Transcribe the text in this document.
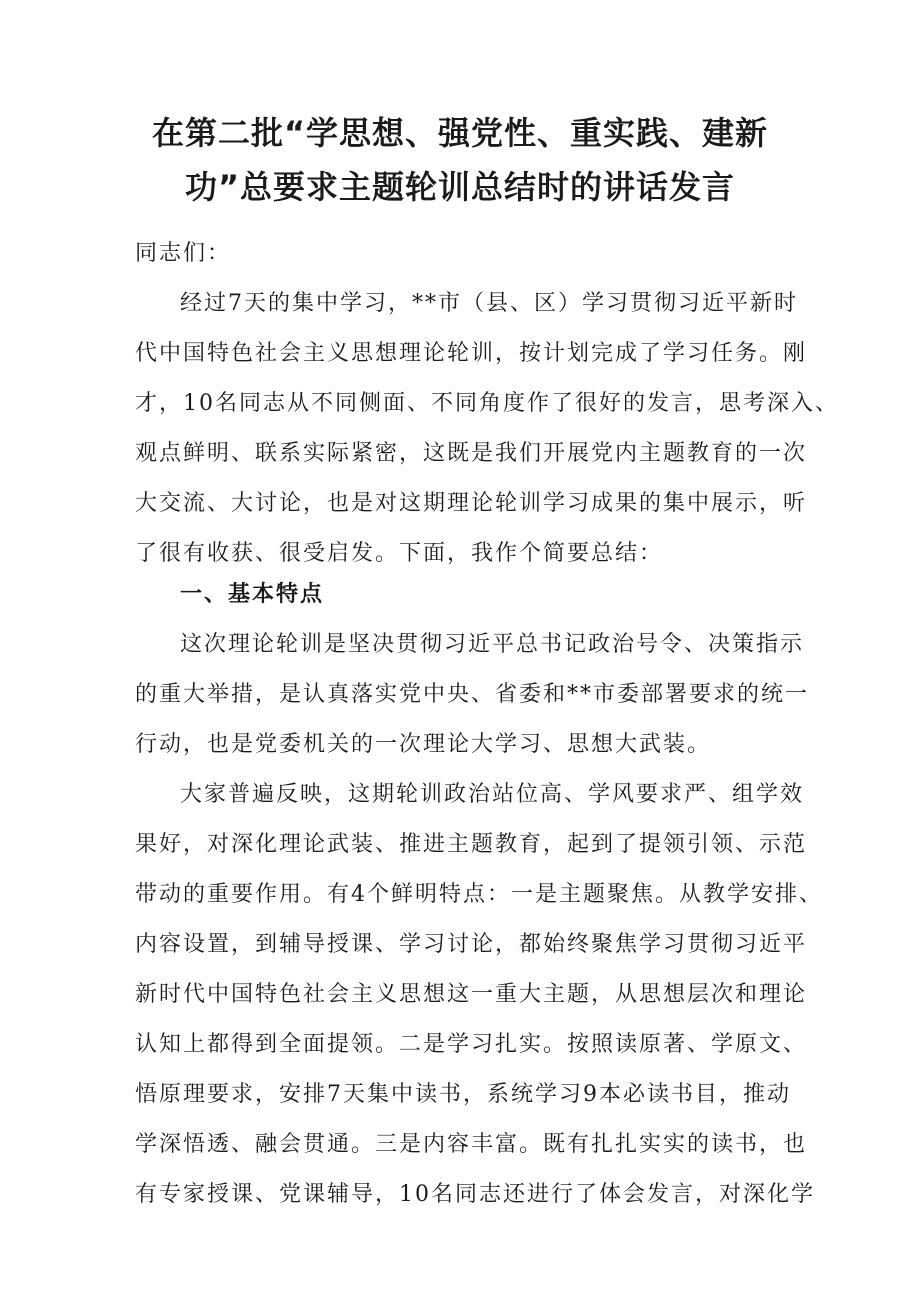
在第二批“学思想、强党性、重实践、建新
功”总要求主题轮训总结时的讲话发言

同志们：

经过7天的集中学习，**市（县、区）学习贯彻习近平新时

代中国特色社会主义思想理论轮训，按计划完成了学习任务。刚

才，10名同志从不同侧面、不同角度作了很好的发言，思考深入、

观点鲜明、联系实际紧密，这既是我们开展党内主题教育的一次

大交流、大讨论，也是对这期理论轮训学习成果的集中展示，听

了很有收获、很受启发。下面，我作个简要总结：

一、基本特点

这次理论轮训是坚决贯彻习近平总书记政治号令、决策指示

的重大举措，是认真落实党中央、省委和**市委部署要求的统一

行动，也是党委机关的一次理论大学习、思想大武装。

大家普遍反映，这期轮训政治站位高、学风要求严、组学效

果好，对深化理论武装、推进主题教育，起到了提领引领、示范

带动的重要作用。有4个鲜明特点：一是主题聚焦。从教学安排、

内容设置，到辅导授课、学习讨论，都始终聚焦学习贯彻习近平

新时代中国特色社会主义思想这一重大主题，从思想层次和理论

认知上都得到全面提领。二是学习扎实。按照读原著、学原文、

悟原理要求，安排7天集中读书，系统学习9本必读书目，推动

学深悟透、融会贯通。三是内容丰富。既有扎扎实实的读书，也

有专家授课、党课辅导，10名同志还进行了体会发言，对深化学
